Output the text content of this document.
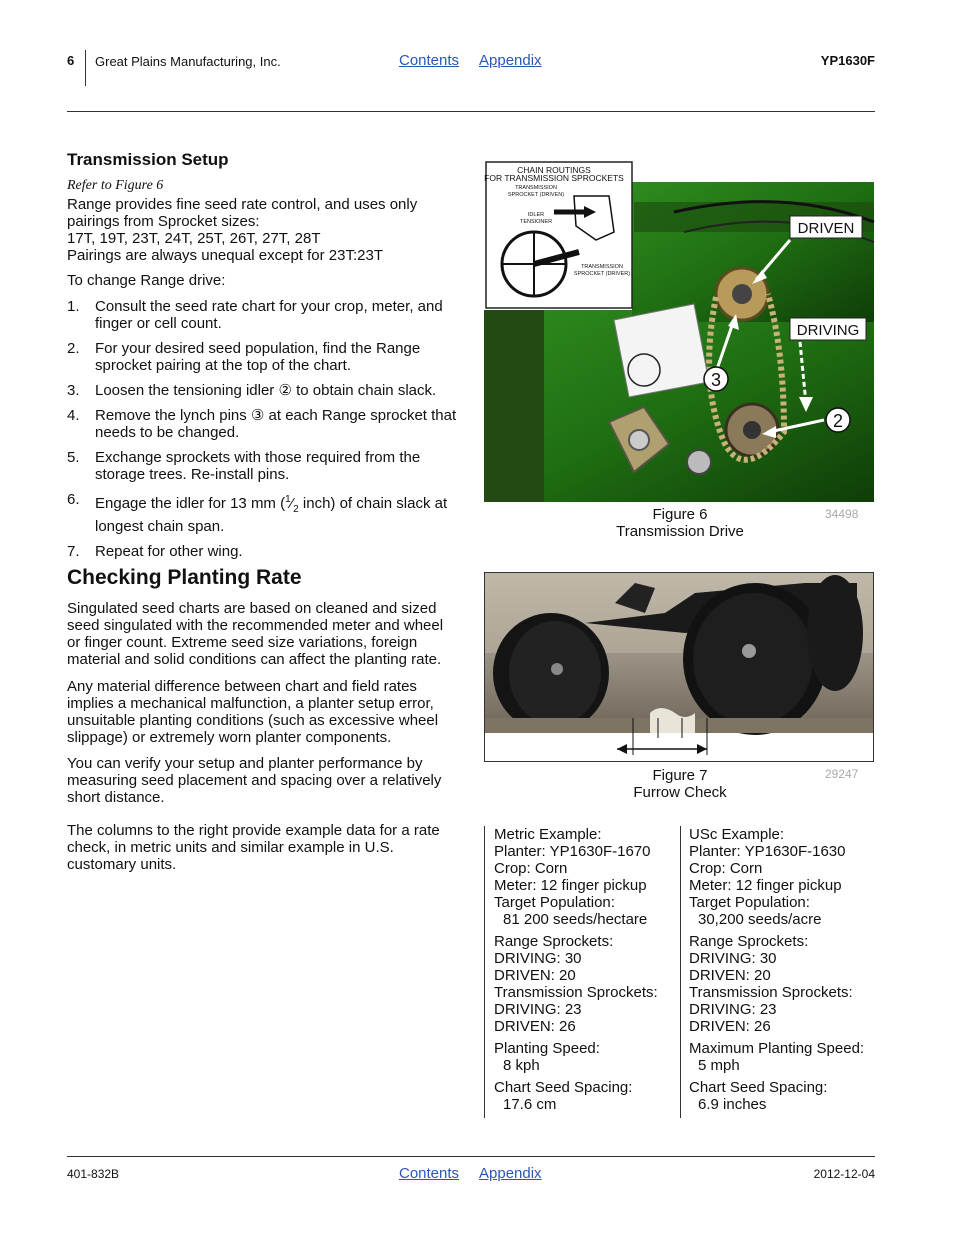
6 Great Plains Manufacturing, Inc.	Contents Appendix	YP1630F
Transmission Setup
Refer to Figure 6
Range provides fine seed rate control, and uses only
pairings from Sprocket sizes:
17T, 19T, 23T, 24T, 25T, 26T, 27T, 28T
Pairings are always unequal except for 23T:23T
To change Range drive:
1. Consult the seed rate chart for your crop, meter, and finger or cell count.
2. For your desired seed population, find the Range sprocket pairing at the top of the chart.
3. Loosen the tensioning idler ② to obtain chain slack.
4. Remove the lynch pins ③ at each Range sprocket that needs to be changed.
5. Exchange sprockets with those required from the storage trees. Re-install pins.
6. Engage the idler for 13 mm ($^1⁄_2$ inch) of chain slack at longest chain span.
7. Repeat for other wing.
Checking Planting Rate
Singulated seed charts are based on cleaned and sized seed singulated with the recommended meter and wheel or finger count. Extreme seed size variations, foreign material and solid conditions can affect the planting rate.
Any material difference between chart and field rates implies a mechanical malfunction, a planter setup error, unsuitable planting conditions (such as excessive wheel slippage) or extremely worn planter components.
You can verify your setup and planter performance by measuring seed placement and spacing over a relatively short distance.
The columns to the right provide example data for a rate check, in metric units and similar example in U.S. customary units.
DRIVEN
DRIVING
3
2
CHAIN ROUTINGS
FOR TRANSMISSION SPROCKETS
TRANSMISSION
SPROCKET (DRIVEN)
IDLER
TENSIONER
TRANSMISSION
SPROCKET (DRIVER)
Figure 6
Transmission Drive
34498
Figure 7
Furrow Check
29247
Metric Example:
Planter: YP1630F-1670
Crop: Corn
Meter: 12 finger pickup
Target Population:
81 200 seeds/hectare
Range Sprockets:
DRIVING: 30
DRIVEN: 20
Transmission Sprockets:
DRIVING: 23
DRIVEN: 26
Planting Speed:
8 kph
Chart Seed Spacing:
17.6 cm
USc Example:
Planter: YP1630F-1630
Crop: Corn
Meter: 12 finger pickup
Target Population:
30,200 seeds/acre
Range Sprockets:
DRIVING: 30
DRIVEN: 20
Transmission Sprockets:
DRIVING: 23
DRIVEN: 26
Maximum Planting Speed:
5 mph
Chart Seed Spacing:
6.9 inches
401-832B	Contents Appendix	2012-12-04
